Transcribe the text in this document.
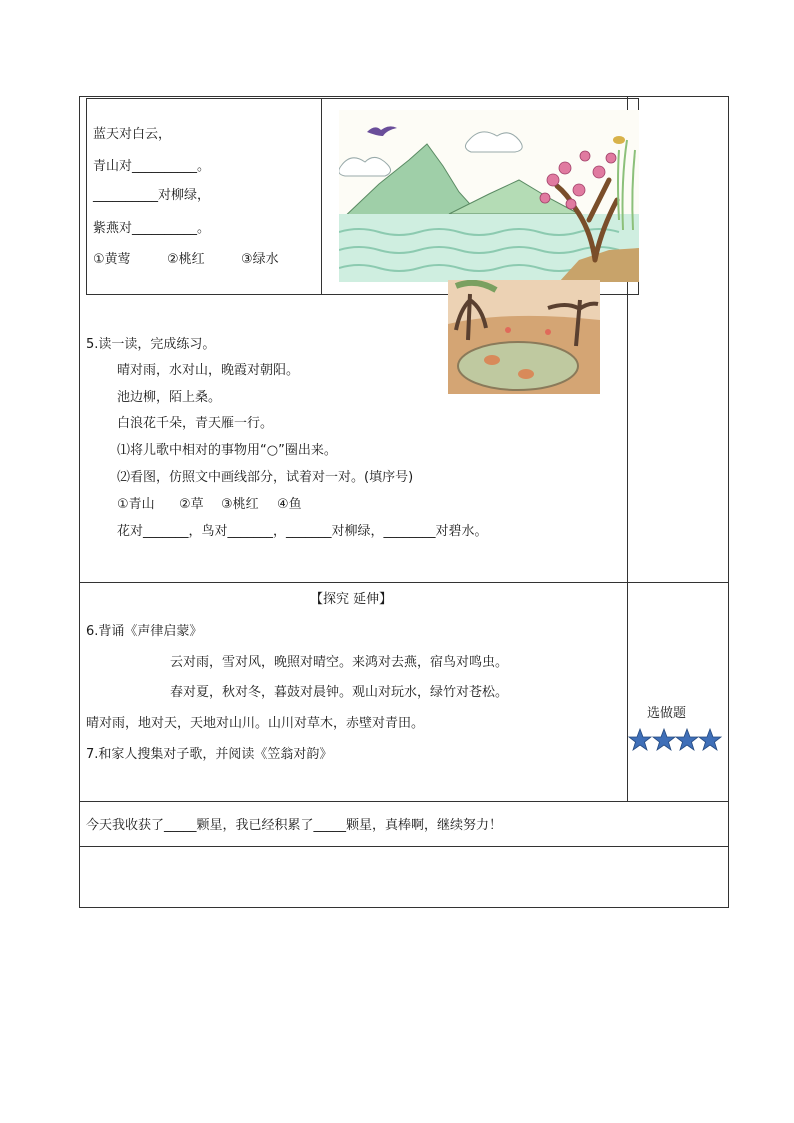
蓝天对白云，
青山对__________。
__________对柳绿，
紫燕对__________。
①黄莺	②桃红	③绿水
5.读一读，完成练习。
晴对雨，水对山，晚霞对朝阳。
池边柳，陌上桑。
白浪花千朵，青天雁一行。
⑴将儿歌中相对的事物用“○”圈出来。
⑵看图，仿照文中画线部分，试着对一对。(填序号)
①青山 ②草 ③桃红 ④鱼
花对_______，鸟对_______，_______对柳绿，________对碧水。
【探究 延伸】
6.背诵《声律启蒙》
云对雨，雪对风，晚照对晴空。来鸿对去燕，宿鸟对鸣虫。
春对夏，秋对冬，暮鼓对晨钟。观山对玩水，绿竹对苍松。
晴对雨，地对天，天地对山川。山川对草木，赤壁对青田。
7.和家人搜集对子歌，并阅读《笠翁对韵》
选做题
今天我收获了_____颗星，我已经积累了_____颗星，真棒啊，继续努力！
